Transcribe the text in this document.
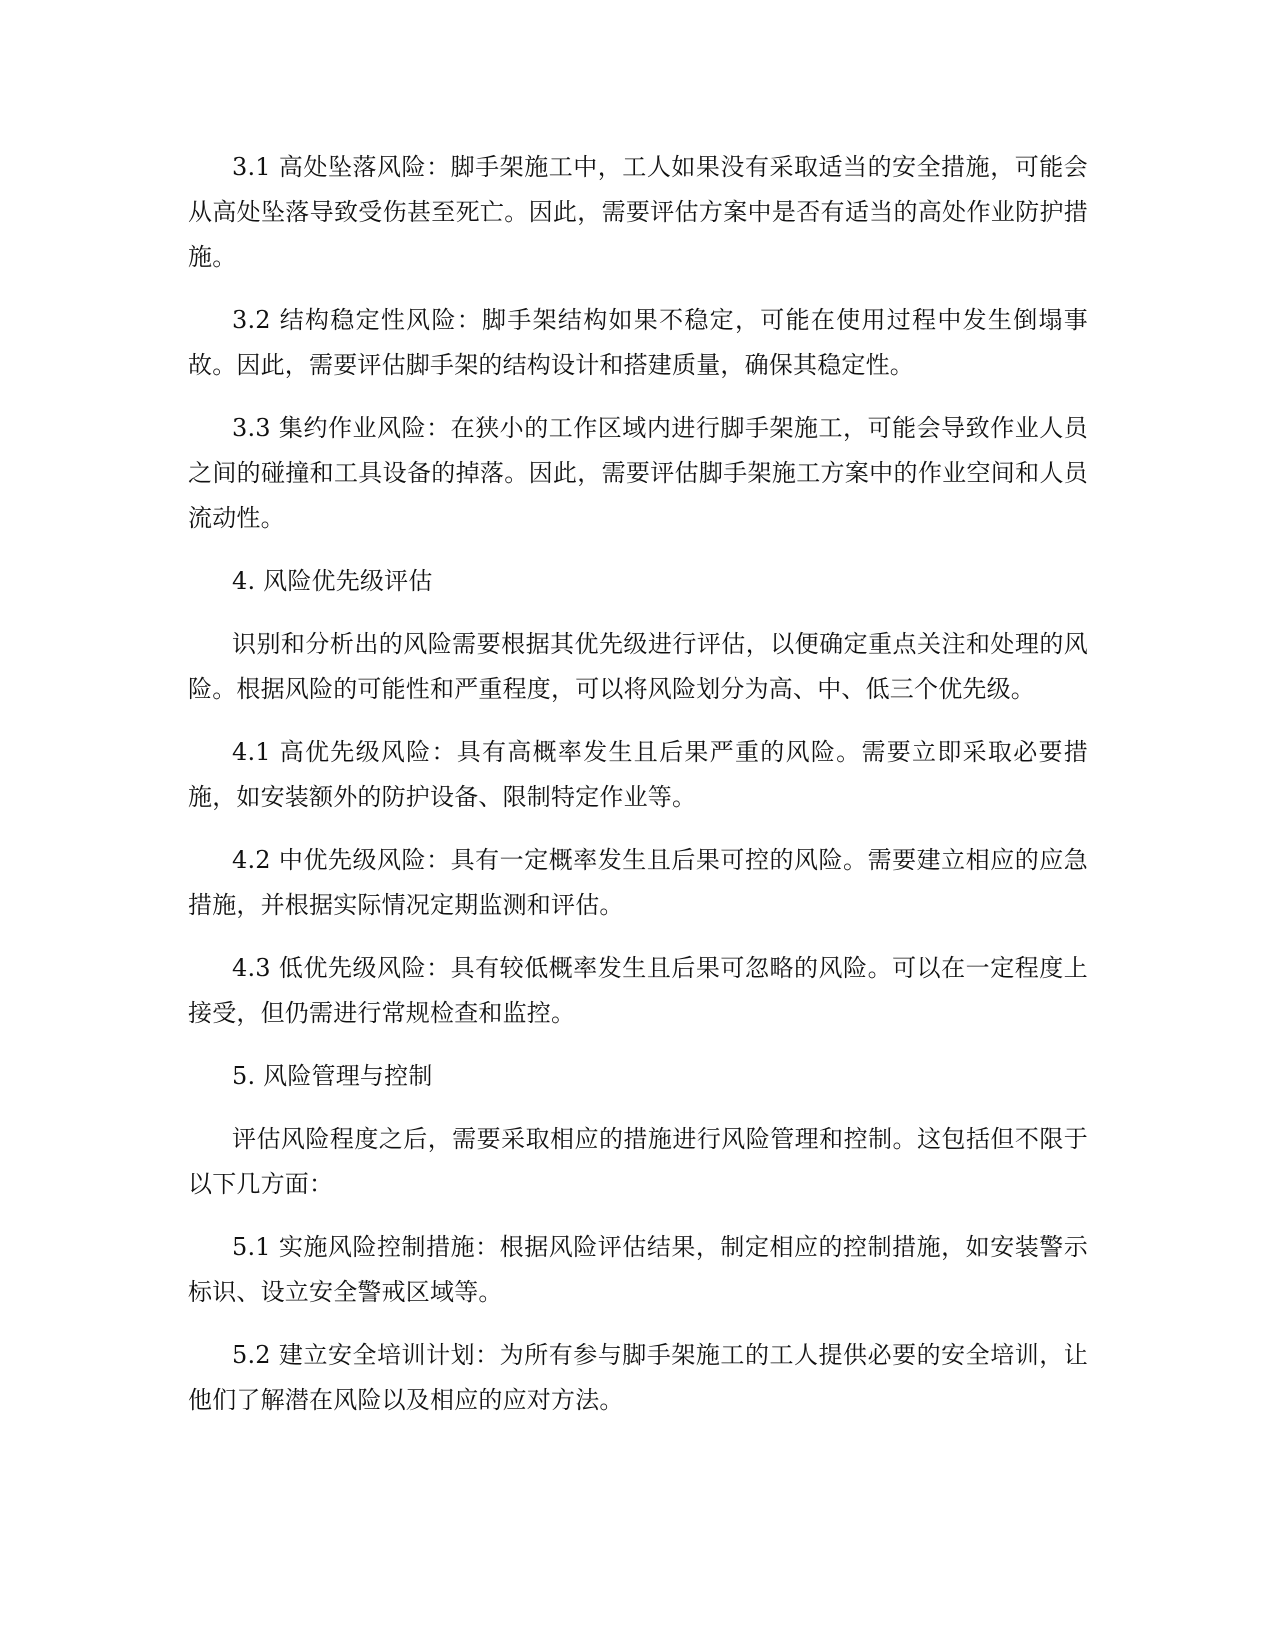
3.1 高处坠落风险：脚手架施工中，工人如果没有采取适当的安全措施，可能会从高处坠落导致受伤甚至死亡。因此，需要评估方案中是否有适当的高处作业防护措施。

3.2 结构稳定性风险：脚手架结构如果不稳定，可能在使用过程中发生倒塌事故。因此，需要评估脚手架的结构设计和搭建质量，确保其稳定性。

3.3 集约作业风险：在狭小的工作区域内进行脚手架施工，可能会导致作业人员之间的碰撞和工具设备的掉落。因此，需要评估脚手架施工方案中的作业空间和人员流动性。

4. 风险优先级评估

识别和分析出的风险需要根据其优先级进行评估，以便确定重点关注和处理的风险。根据风险的可能性和严重程度，可以将风险划分为高、中、低三个优先级。

4.1 高优先级风险：具有高概率发生且后果严重的风险。需要立即采取必要措施，如安装额外的防护设备、限制特定作业等。

4.2 中优先级风险：具有一定概率发生且后果可控的风险。需要建立相应的应急措施，并根据实际情况定期监测和评估。

4.3 低优先级风险：具有较低概率发生且后果可忽略的风险。可以在一定程度上接受，但仍需进行常规检查和监控。

5. 风险管理与控制

评估风险程度之后，需要采取相应的措施进行风险管理和控制。这包括但不限于以下几方面：

5.1 实施风险控制措施：根据风险评估结果，制定相应的控制措施，如安装警示标识、设立安全警戒区域等。

5.2 建立安全培训计划：为所有参与脚手架施工的工人提供必要的安全培训，让他们了解潜在风险以及相应的应对方法。
